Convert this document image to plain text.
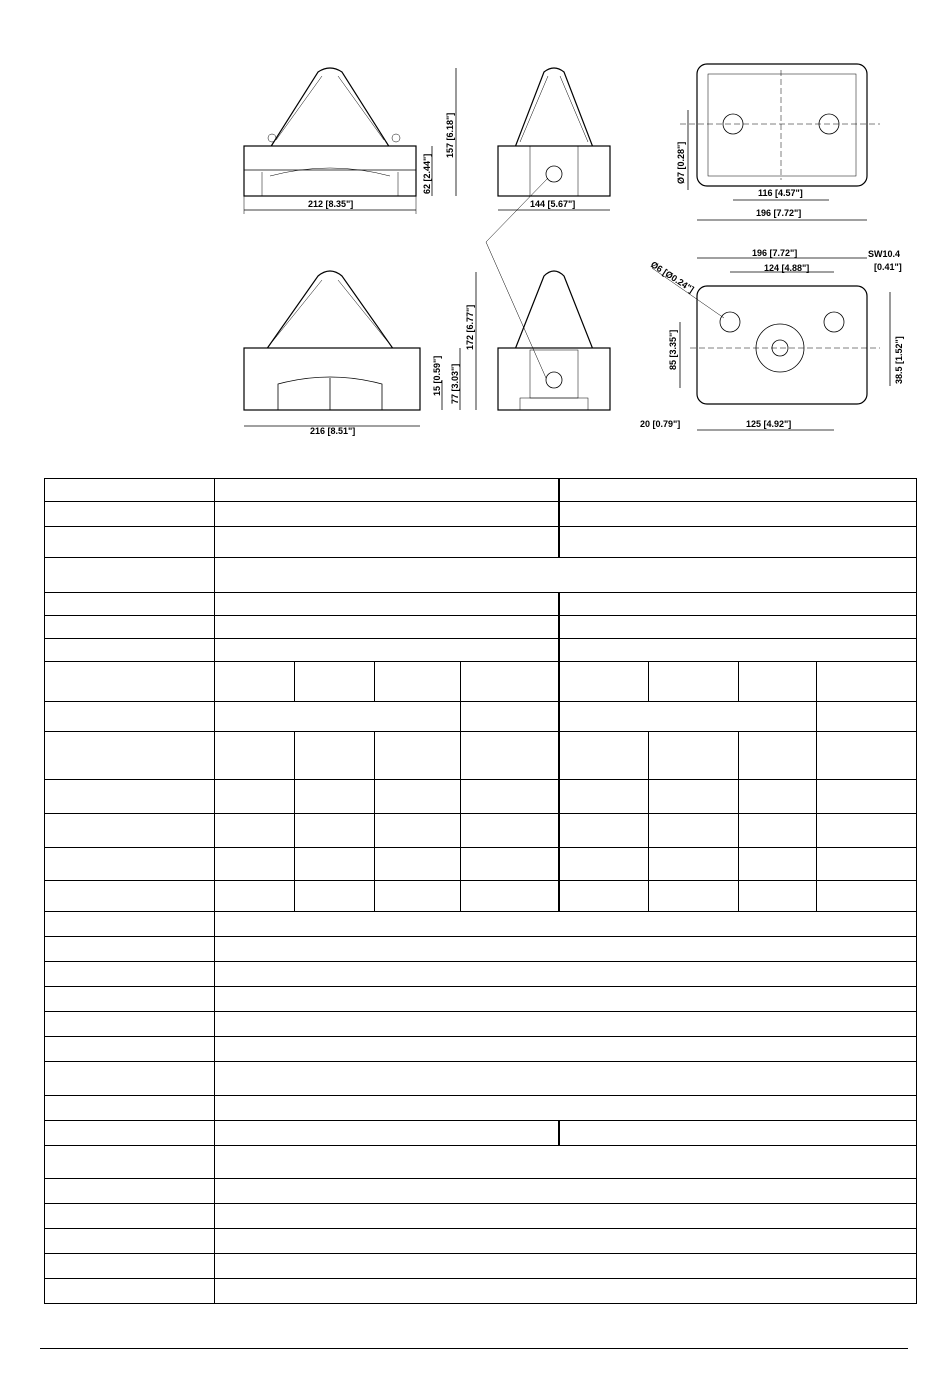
212 [8.35"]
157 [6.18"]
62 [2.44"]
144 [5.67"]
116 [4.57"]
196 [7.72"]
Ø7 [0.28"]
216 [8.51"]
172 [6.77"]
77 [3.03"]
15 [0.59"]
196 [7.72"]
124 [4.88"]
SW10.4
[0.41"]
Ø6 [Ø0.24"]
85 [3.35"]	38.5 [1.52"]
20 [0.79"]	125 [4.92"]
